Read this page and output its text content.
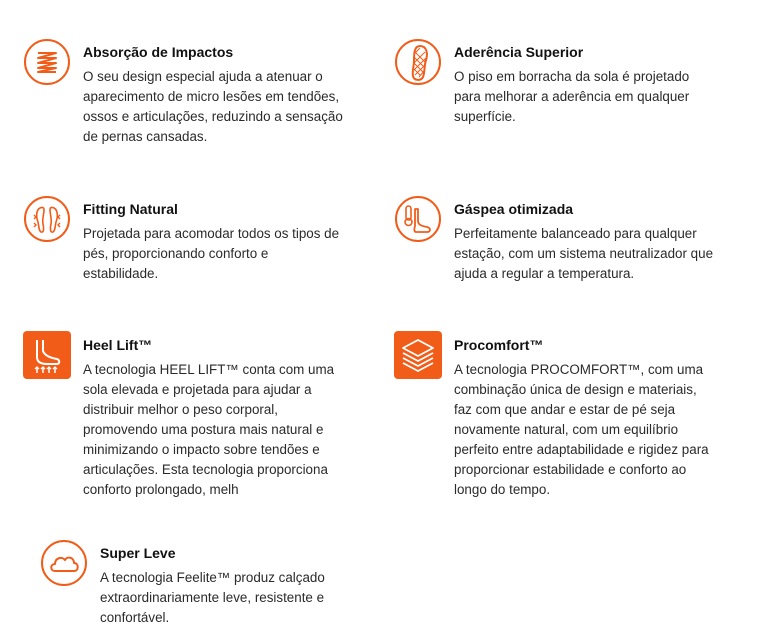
Absorção de Impactos
O seu design especial ajuda a atenuar o
aparecimento de micro lesões em tendões,
ossos e articulações, reduzindo a sensação
de pernas cansadas.
Aderência Superior
O piso em borracha da sola é projetado
para melhorar a aderência em qualquer
superfície.
Fitting Natural
Projetada para acomodar todos os tipos de
pés, proporcionando conforto e
estabilidade.
Gáspea otimizada
Perfeitamente balanceado para qualquer
estação, com um sistema neutralizador que
ajuda a regular a temperatura.
Heel Lift™
A tecnologia HEEL LIFT™ conta com uma
sola elevada e projetada para ajudar a
distribuir melhor o peso corporal,
promovendo uma postura mais natural e
minimizando o impacto sobre tendões e
articulações. Esta tecnologia proporciona
conforto prolongado, melh
Procomfort™
A tecnologia PROCOMFORT™, com uma
combinação única de design e materiais,
faz com que andar e estar de pé seja
novamente natural, com um equilíbrio
perfeito entre adaptabilidade e rigidez para
proporcionar estabilidade e conforto ao
longo do tempo.
Super Leve
A tecnologia Feelite™ produz calçado
extraordinariamente leve, resistente e
confortável.
